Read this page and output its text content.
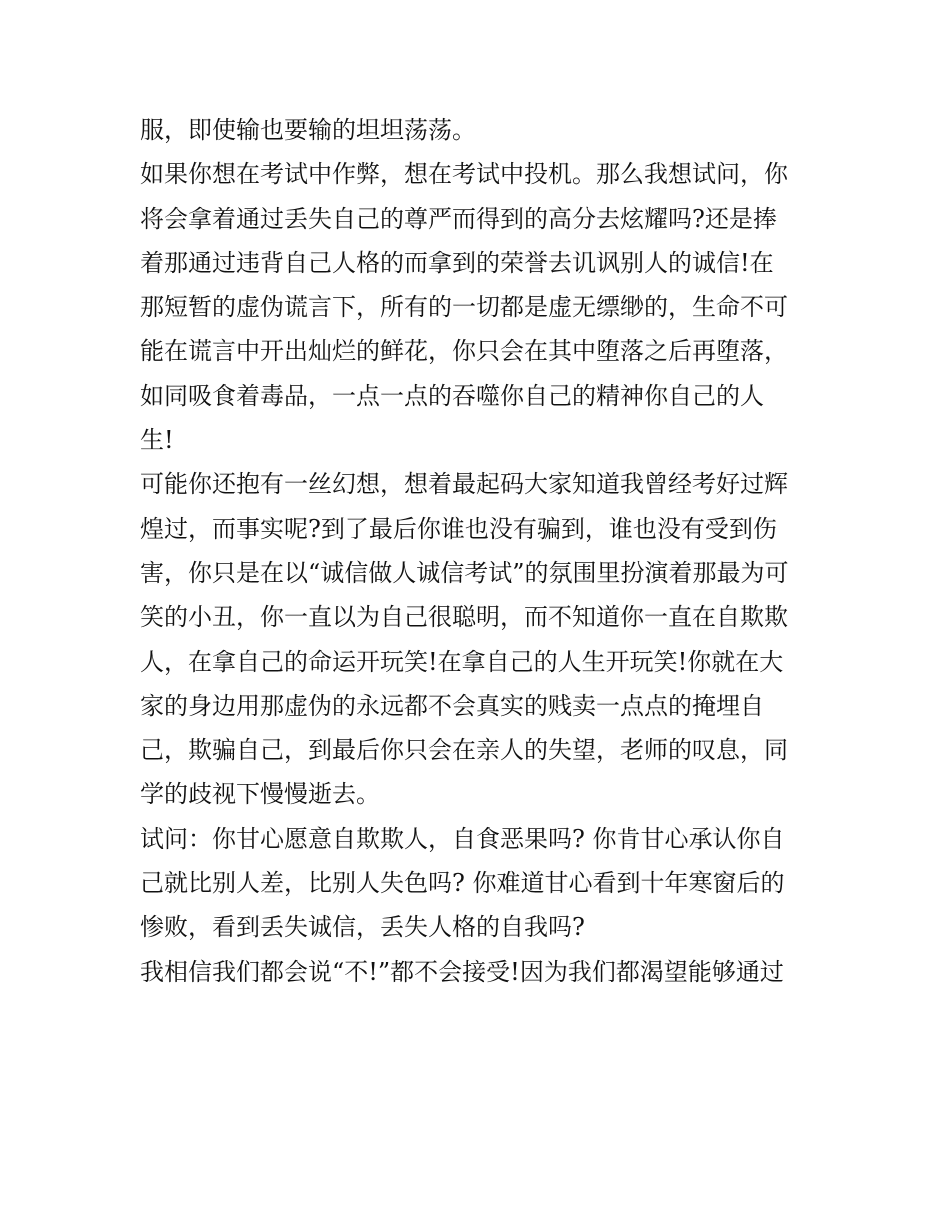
服，即使输也要输的坦坦荡荡。
如果你想在考试中作弊，想在考试中投机。那么我想试问，你
将会拿着通过丢失自己的尊严而得到的高分去炫耀吗?还是捧
着那通过违背自己人格的而拿到的荣誉去讥讽别人的诚信!在
那短暂的虚伪谎言下，所有的一切都是虚无缥缈的，生命不可
能在谎言中开出灿烂的鲜花，你只会在其中堕落之后再堕落，
如同吸食着毒品，一点一点的吞噬你自己的精神你自己的人
生!
可能你还抱有一丝幻想，想着最起码大家知道我曾经考好过辉
煌过，而事实呢?到了最后你谁也没有骗到，谁也没有受到伤
害，你只是在以“诚信做人诚信考试”的氛围里扮演着那最为可
笑的小丑，你一直以为自己很聪明，而不知道你一直在自欺欺
人，在拿自己的命运开玩笑!在拿自己的人生开玩笑!你就在大
家的身边用那虚伪的永远都不会真实的贱卖一点点的掩埋自
己，欺骗自己，到最后你只会在亲人的失望，老师的叹息，同
学的歧视下慢慢逝去。
试问：你甘心愿意自欺欺人，自食恶果吗? 你肯甘心承认你自
己就比别人差，比别人失色吗? 你难道甘心看到十年寒窗后的
惨败，看到丢失诚信，丢失人格的自我吗?
我相信我们都会说“不!”都不会接受!因为我们都渴望能够通过
